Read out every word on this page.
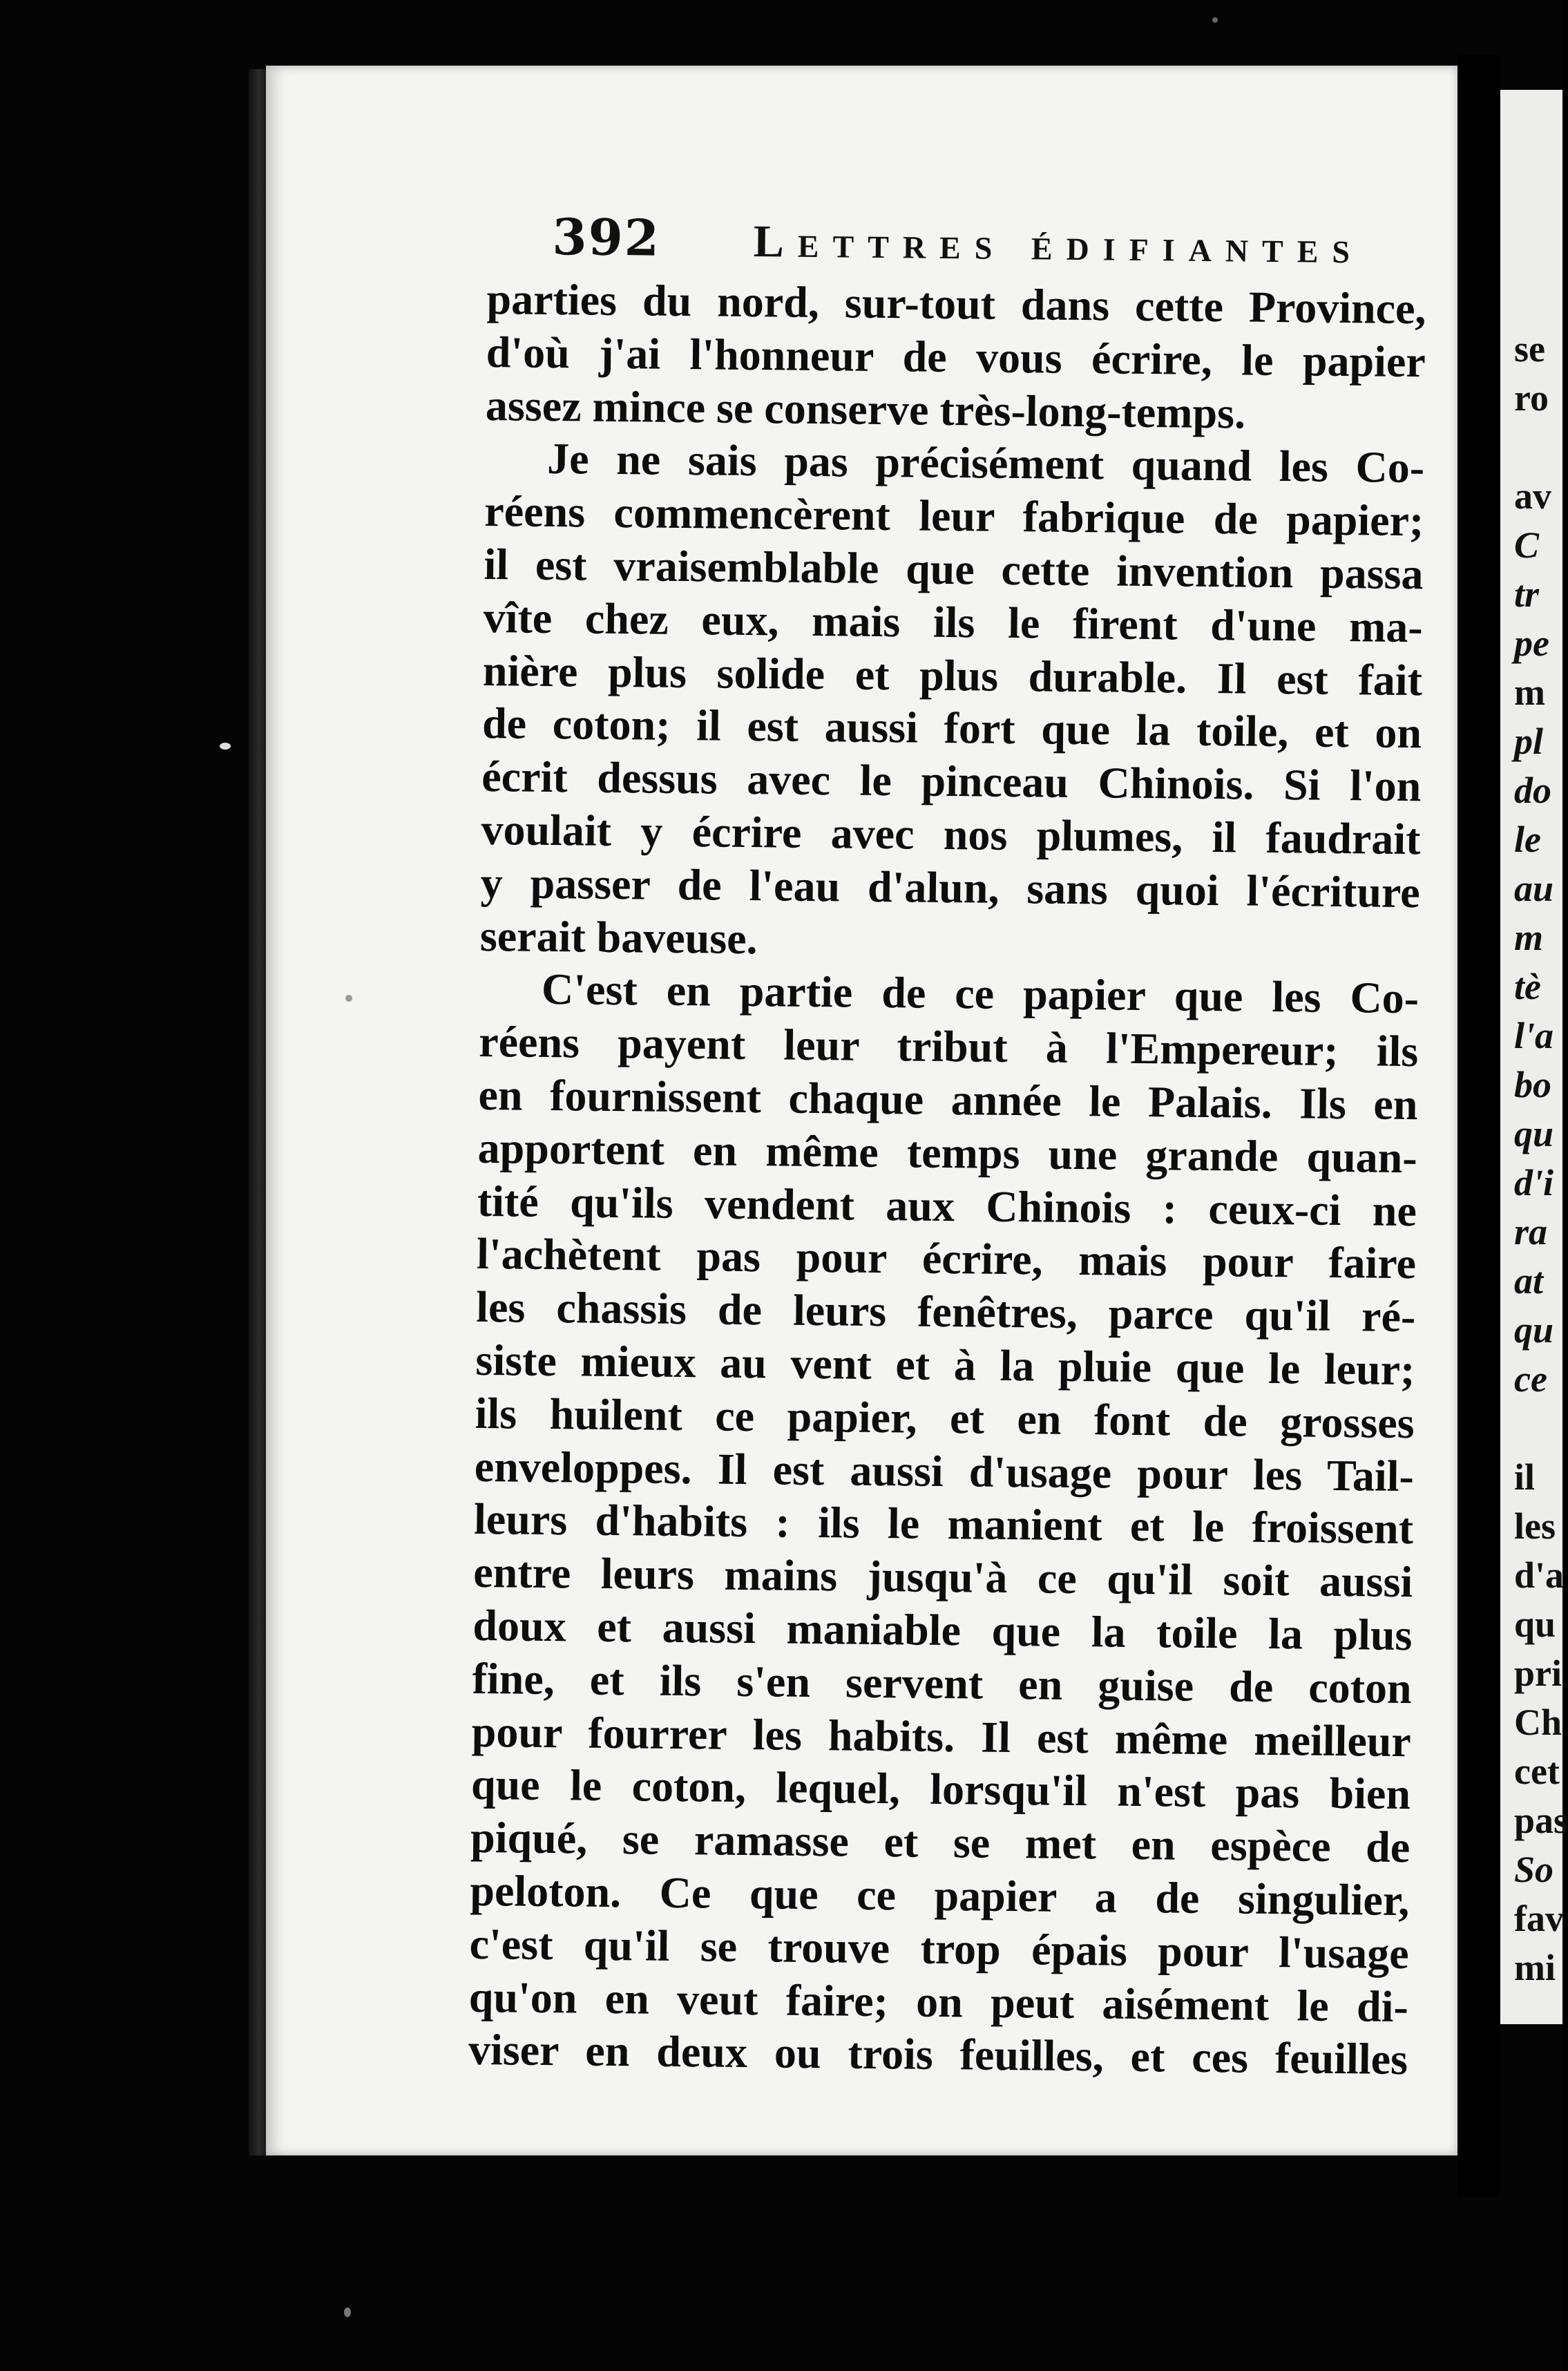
392 Lettres édifiantes
parties du nord, sur-tout dans cette Province,
d'où j'ai l'honneur de vous écrire, le papier
assez mince se conserve très-long-temps.
Je ne sais pas précisément quand les Co-
réens commencèrent leur fabrique de papier;
il est vraisemblable que cette invention passa
vîte chez eux, mais ils le firent d'une ma-
nière plus solide et plus durable. Il est fait
de coton; il est aussi fort que la toile, et on
écrit dessus avec le pinceau Chinois. Si l'on
voulait y écrire avec nos plumes, il faudrait
y passer de l'eau d'alun, sans quoi l'écriture
serait baveuse.
C'est en partie de ce papier que les Co-
réens payent leur tribut à l'Empereur; ils
en fournissent chaque année le Palais. Ils en
apportent en même temps une grande quan-
tité qu'ils vendent aux Chinois : ceux-ci ne
l'achètent pas pour écrire, mais pour faire
les chassis de leurs fenêtres, parce qu'il ré-
siste mieux au vent et à la pluie que le leur;
ils huilent ce papier, et en font de grosses
enveloppes. Il est aussi d'usage pour les Tail-
leurs d'habits : ils le manient et le froissent
entre leurs mains jusqu'à ce qu'il soit aussi
doux et aussi maniable que la toile la plus
fine, et ils s'en servent en guise de coton
pour fourrer les habits. Il est même meilleur
que le coton, lequel, lorsqu'il n'est pas bien
piqué, se ramasse et se met en espèce de
peloton. Ce que ce papier a de singulier,
c'est qu'il se trouve trop épais pour l'usage
qu'on en veut faire; on peut aisément le di-
viser en deux ou trois feuilles, et ces feuilles
se
ro
av
C
tr
pe
m
pl
do
le
au
m
tè
l'a
bo
qu
d'i
ra
at
qu
ce
il
les
d'a
qu
pri
Ch
cet
pas
So
fav
mi
